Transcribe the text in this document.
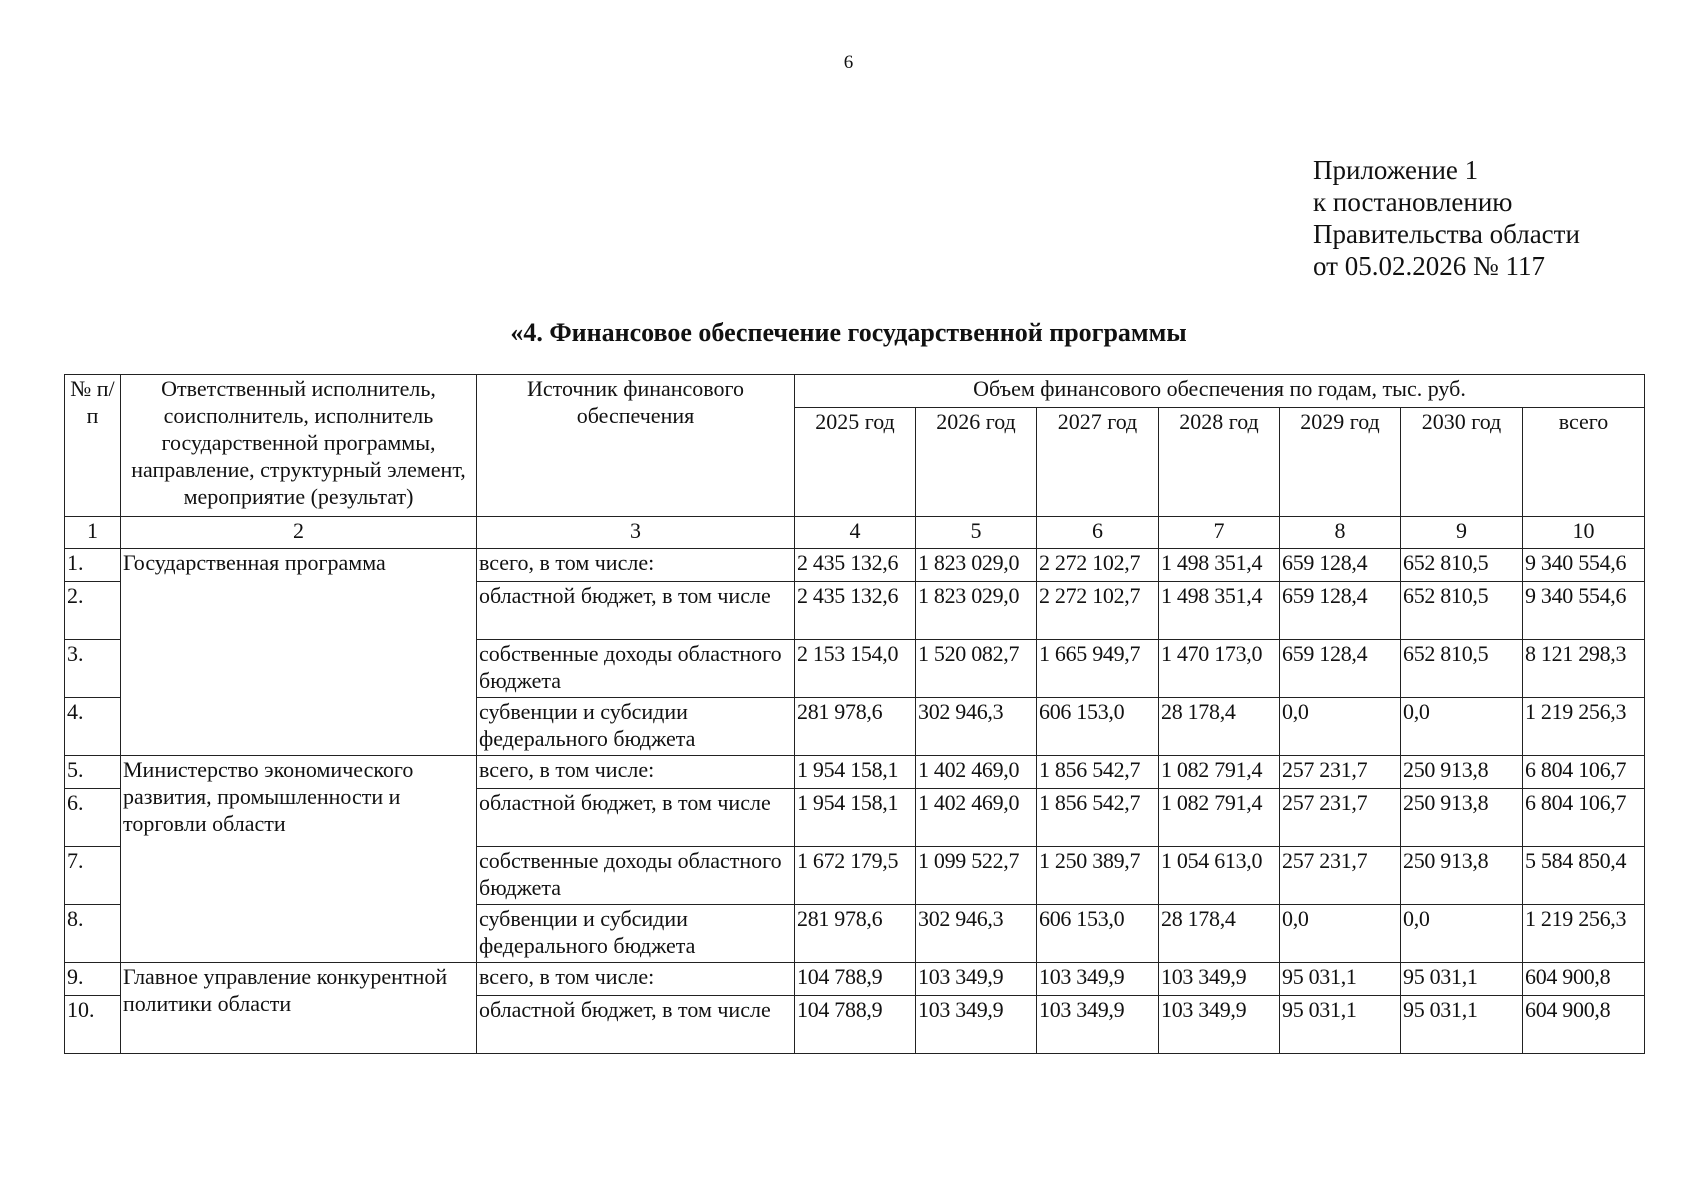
6
Приложение 1
к постановлению
Правительства области
от 05.02.2026 № 117
«4. Финансовое обеспечение государственной программы
№ п/п	Ответственный исполнитель, соисполнитель, исполнитель государственной программы, направление, структурный элемент, мероприятие (результат)	Источник финансового обеспечения	Объем финансового обеспечения по годам, тыс. руб.						
			2025 год	2026 год	2027 год	2028 год	2029 год	2030 год	всего
1	2	3	4	5	6	7	8	9	10
1.	Государственная программа	всего, в том числе:	2 435 132,6	1 823 029,0	2 272 102,7	1 498 351,4	659 128,4	652 810,5	9 340 554,6
2.		областной бюджет, в том числе	2 435 132,6	1 823 029,0	2 272 102,7	1 498 351,4	659 128,4	652 810,5	9 340 554,6
3.		собственные доходы областного бюджета	2 153 154,0	1 520 082,7	1 665 949,7	1 470 173,0	659 128,4	652 810,5	8 121 298,3
4.		субвенции и субсидии федерального бюджета	281 978,6	302 946,3	606 153,0	28 178,4	0,0	0,0	1 219 256,3
5.	Министерство экономического развития, промышленности и торговли области	всего, в том числе:	1 954 158,1	1 402 469,0	1 856 542,7	1 082 791,4	257 231,7	250 913,8	6 804 106,7
6.		областной бюджет, в том числе	1 954 158,1	1 402 469,0	1 856 542,7	1 082 791,4	257 231,7	250 913,8	6 804 106,7
7.		собственные доходы областного бюджета	1 672 179,5	1 099 522,7	1 250 389,7	1 054 613,0	257 231,7	250 913,8	5 584 850,4
8.		субвенции и субсидии федерального бюджета	281 978,6	302 946,3	606 153,0	28 178,4	0,0	0,0	1 219 256,3
9.	Главное управление конкурентной политики области	всего, в том числе:	104 788,9	103 349,9	103 349,9	103 349,9	95 031,1	95 031,1	604 900,8
10.		областной бюджет, в том числе	104 788,9	103 349,9	103 349,9	103 349,9	95 031,1	95 031,1	604 900,8
